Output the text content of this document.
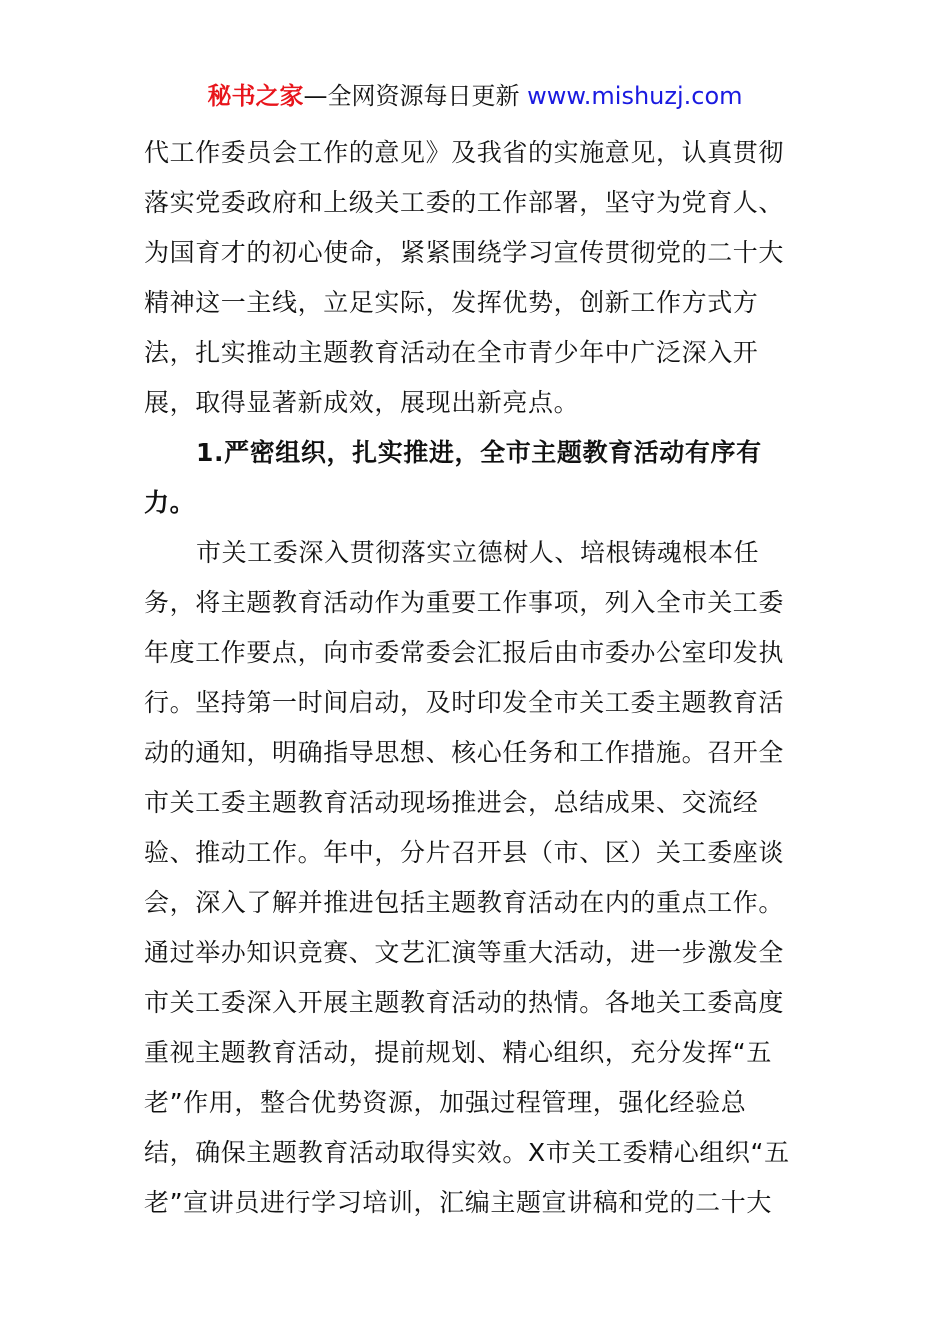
秘书之家—全网资源每日更新 www.mishuzj.com
代工作委员会工作的意见》及我省的实施意见，认真贯彻
落实党委政府和上级关工委的工作部署，坚守为党育人、
为国育才的初心使命，紧紧围绕学习宣传贯彻党的二十大
精神这一主线，立足实际，发挥优势，创新工作方式方
法，扎实推动主题教育活动在全市青少年中广泛深入开
展，取得显著新成效，展现出新亮点。
1.严密组织，扎实推进，全市主题教育活动有序有
力。
市关工委深入贯彻落实立德树人、培根铸魂根本任
务，将主题教育活动作为重要工作事项，列入全市关工委
年度工作要点，向市委常委会汇报后由市委办公室印发执
行。坚持第一时间启动，及时印发全市关工委主题教育活
动的通知，明确指导思想、核心任务和工作措施。召开全
市关工委主题教育活动现场推进会，总结成果、交流经
验、推动工作。年中，分片召开县（市、区）关工委座谈
会，深入了解并推进包括主题教育活动在内的重点工作。
通过举办知识竞赛、文艺汇演等重大活动，进一步激发全
市关工委深入开展主题教育活动的热情。各地关工委高度
重视主题教育活动，提前规划、精心组织，充分发挥“五
老”作用，整合优势资源，加强过程管理，强化经验总
结，确保主题教育活动取得实效。X市关工委精心组织“五
老”宣讲员进行学习培训，汇编主题宣讲稿和党的二十大
